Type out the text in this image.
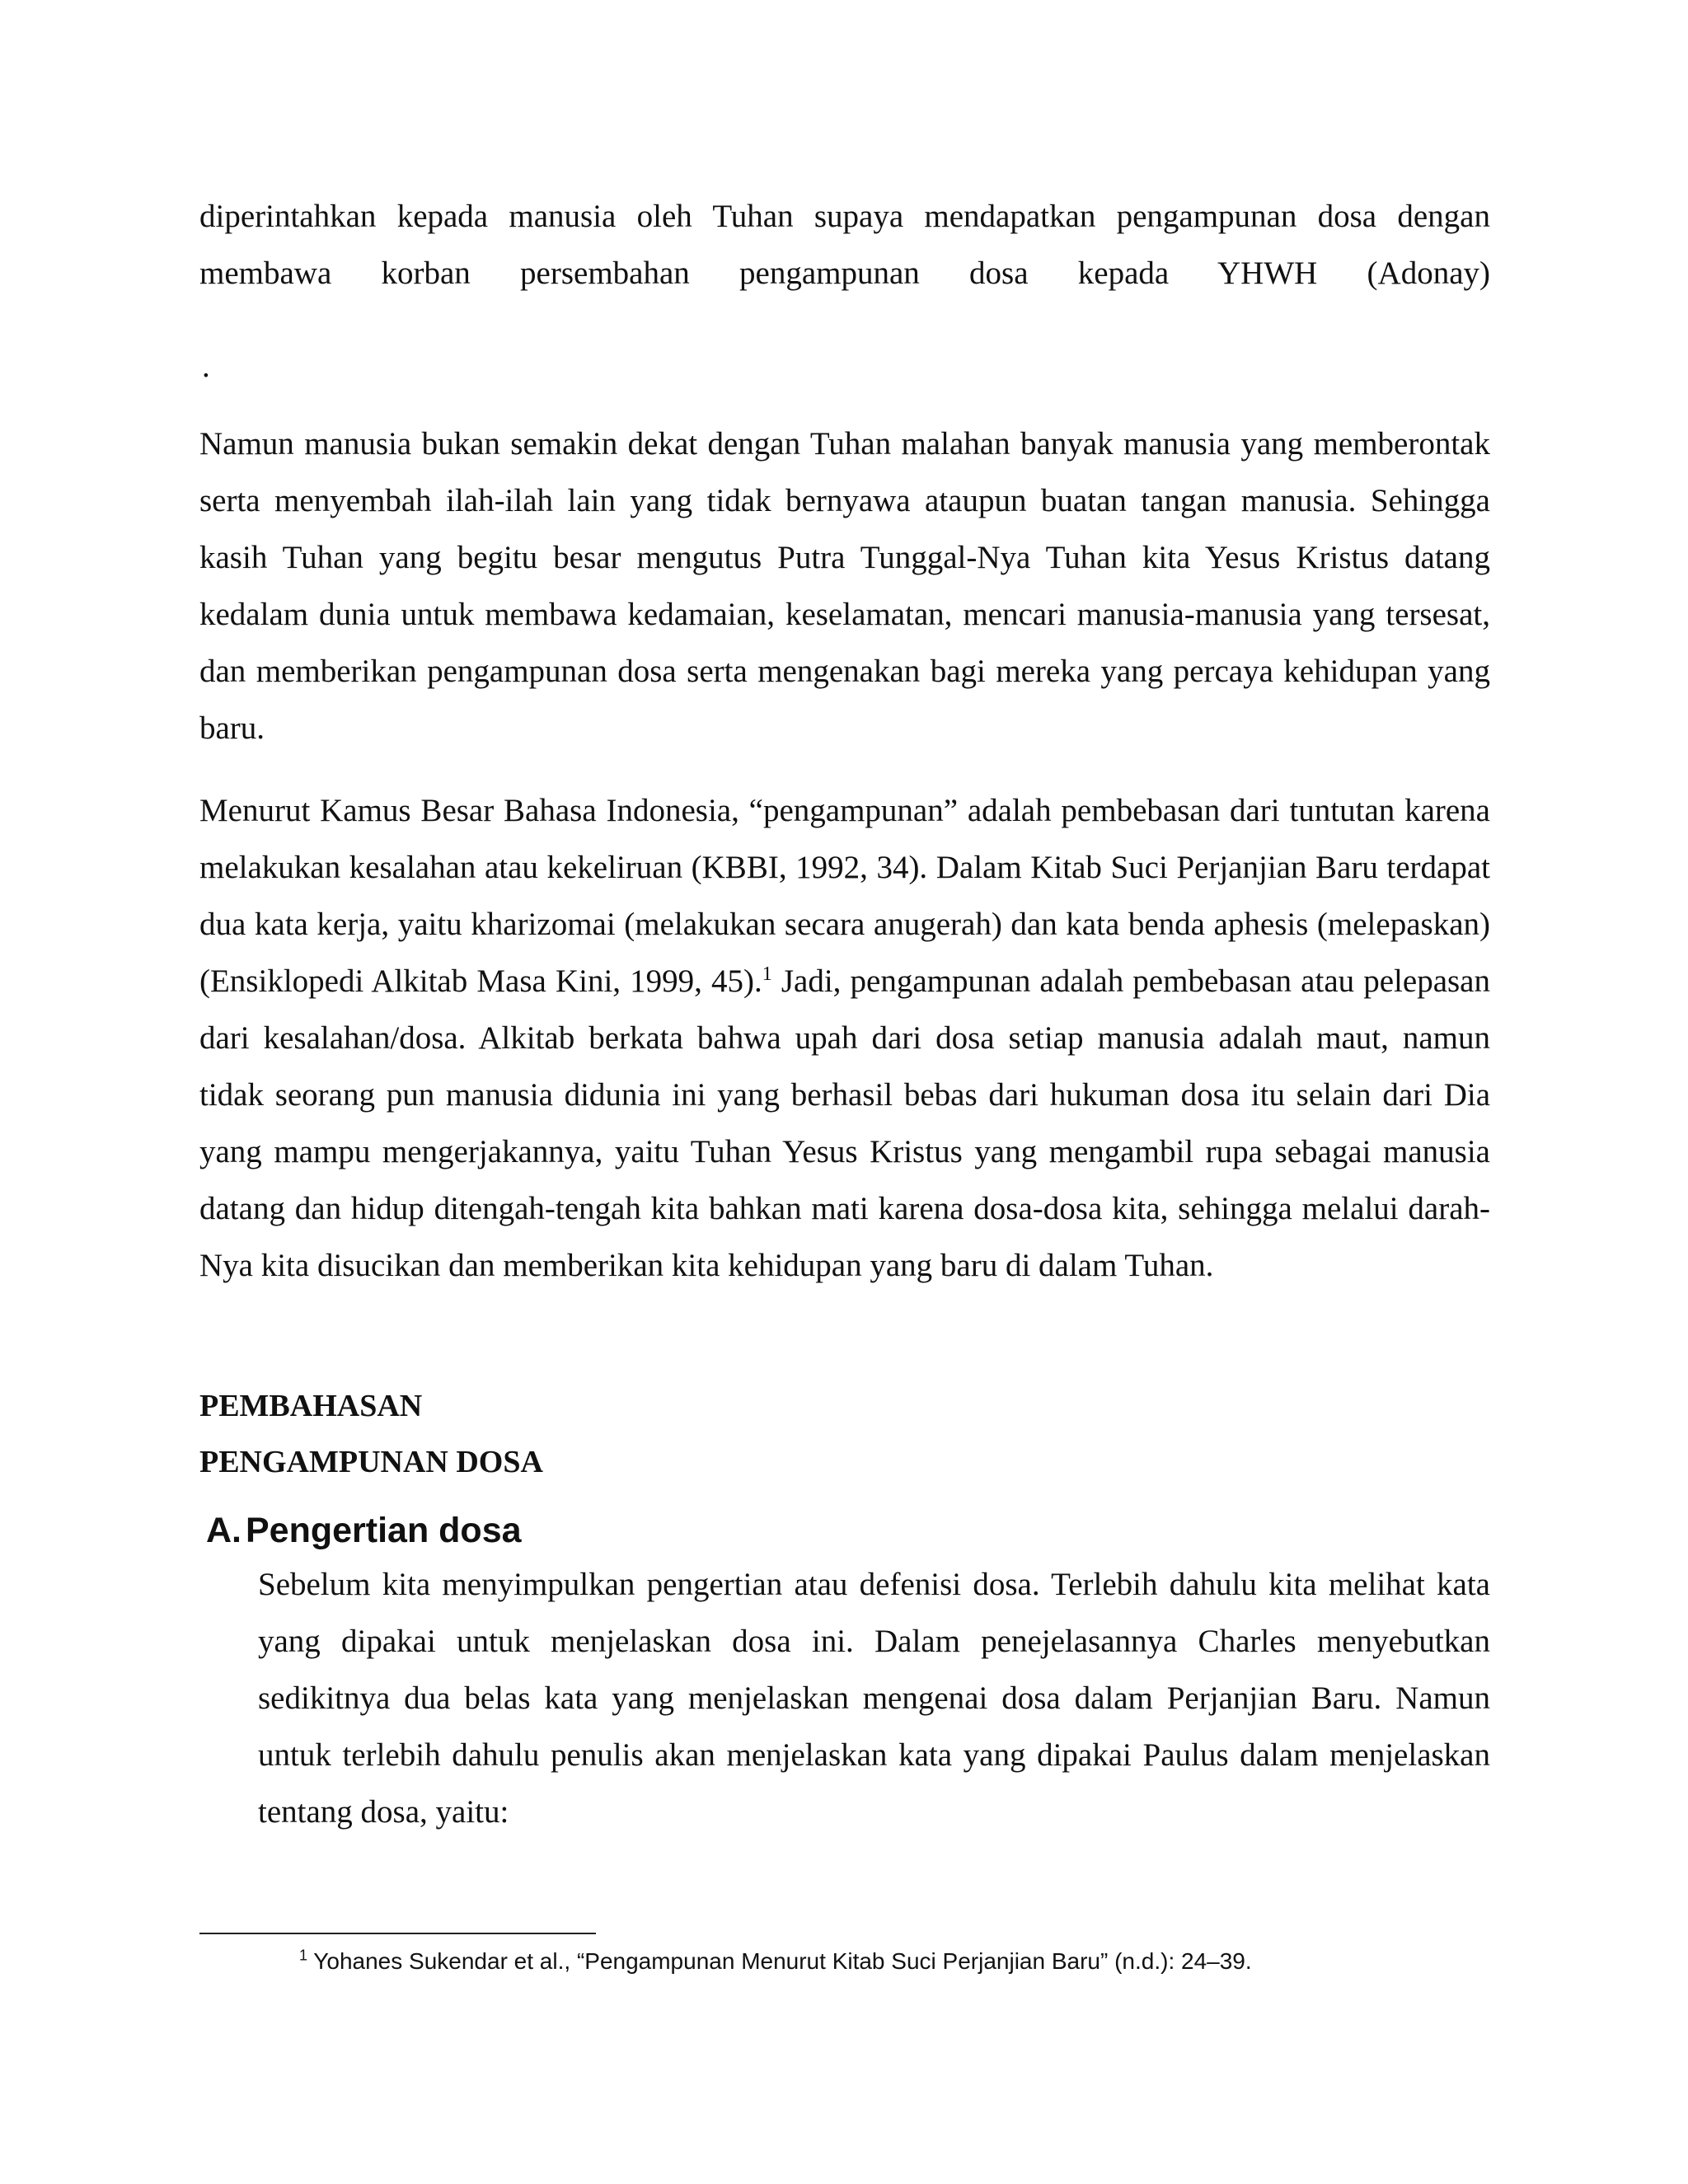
diperintahkan kepada manusia oleh Tuhan supaya mendapatkan pengampunan dosa dengan
membawa korban persembahan pengampunan dosa kepada YHWH (Adonay)

.

Namun manusia bukan semakin dekat dengan Tuhan malahan banyak manusia yang memberontak serta menyembah ilah-ilah lain yang tidak bernyawa ataupun buatan tangan manusia. Sehingga kasih Tuhan yang begitu besar mengutus Putra Tunggal-Nya Tuhan kita Yesus Kristus datang kedalam dunia untuk membawa kedamaian, keselamatan, mencari manusia-manusia yang tersesat, dan memberikan pengampunan dosa serta mengenakan bagi mereka yang percaya kehidupan yang baru.

Menurut Kamus Besar Bahasa Indonesia, “pengampunan” adalah pembebasan dari tuntutan karena melakukan kesalahan atau kekeliruan (KBBI, 1992, 34). Dalam Kitab Suci Perjanjian Baru terdapat dua kata kerja, yaitu kharizomai (melakukan secara anugerah) dan kata benda aphesis (melepaskan) (Ensiklopedi Alkitab Masa Kini, 1999, 45).$^1$ Jadi, pengampunan adalah pembebasan atau pelepasan dari kesalahan/dosa. Alkitab berkata bahwa upah dari dosa setiap manusia adalah maut, namun tidak seorang pun manusia didunia ini yang berhasil bebas dari hukuman dosa itu selain dari Dia yang mampu mengerjakannya, yaitu Tuhan Yesus Kristus yang mengambil rupa sebagai manusia datang dan hidup ditengah-tengah kita bahkan mati karena dosa-dosa kita, sehingga melalui darah-Nya kita disucikan dan memberikan kita kehidupan yang baru di dalam Tuhan.

PEMBAHASAN
PENGAMPUNAN DOSA
A. Pengertian dosa

Sebelum kita menyimpulkan pengertian atau defenisi dosa. Terlebih dahulu kita melihat kata yang dipakai untuk menjelaskan dosa ini. Dalam penejelasannya Charles menyebutkan sedikitnya dua belas kata yang menjelaskan mengenai dosa dalam Perjanjian Baru. Namun untuk terlebih dahulu penulis akan menjelaskan kata yang dipakai Paulus dalam menjelaskan tentang dosa, yaitu:

$^1$ Yohanes Sukendar et al., “Pengampunan Menurut Kitab Suci Perjanjian Baru” (n.d.): 24–39.
